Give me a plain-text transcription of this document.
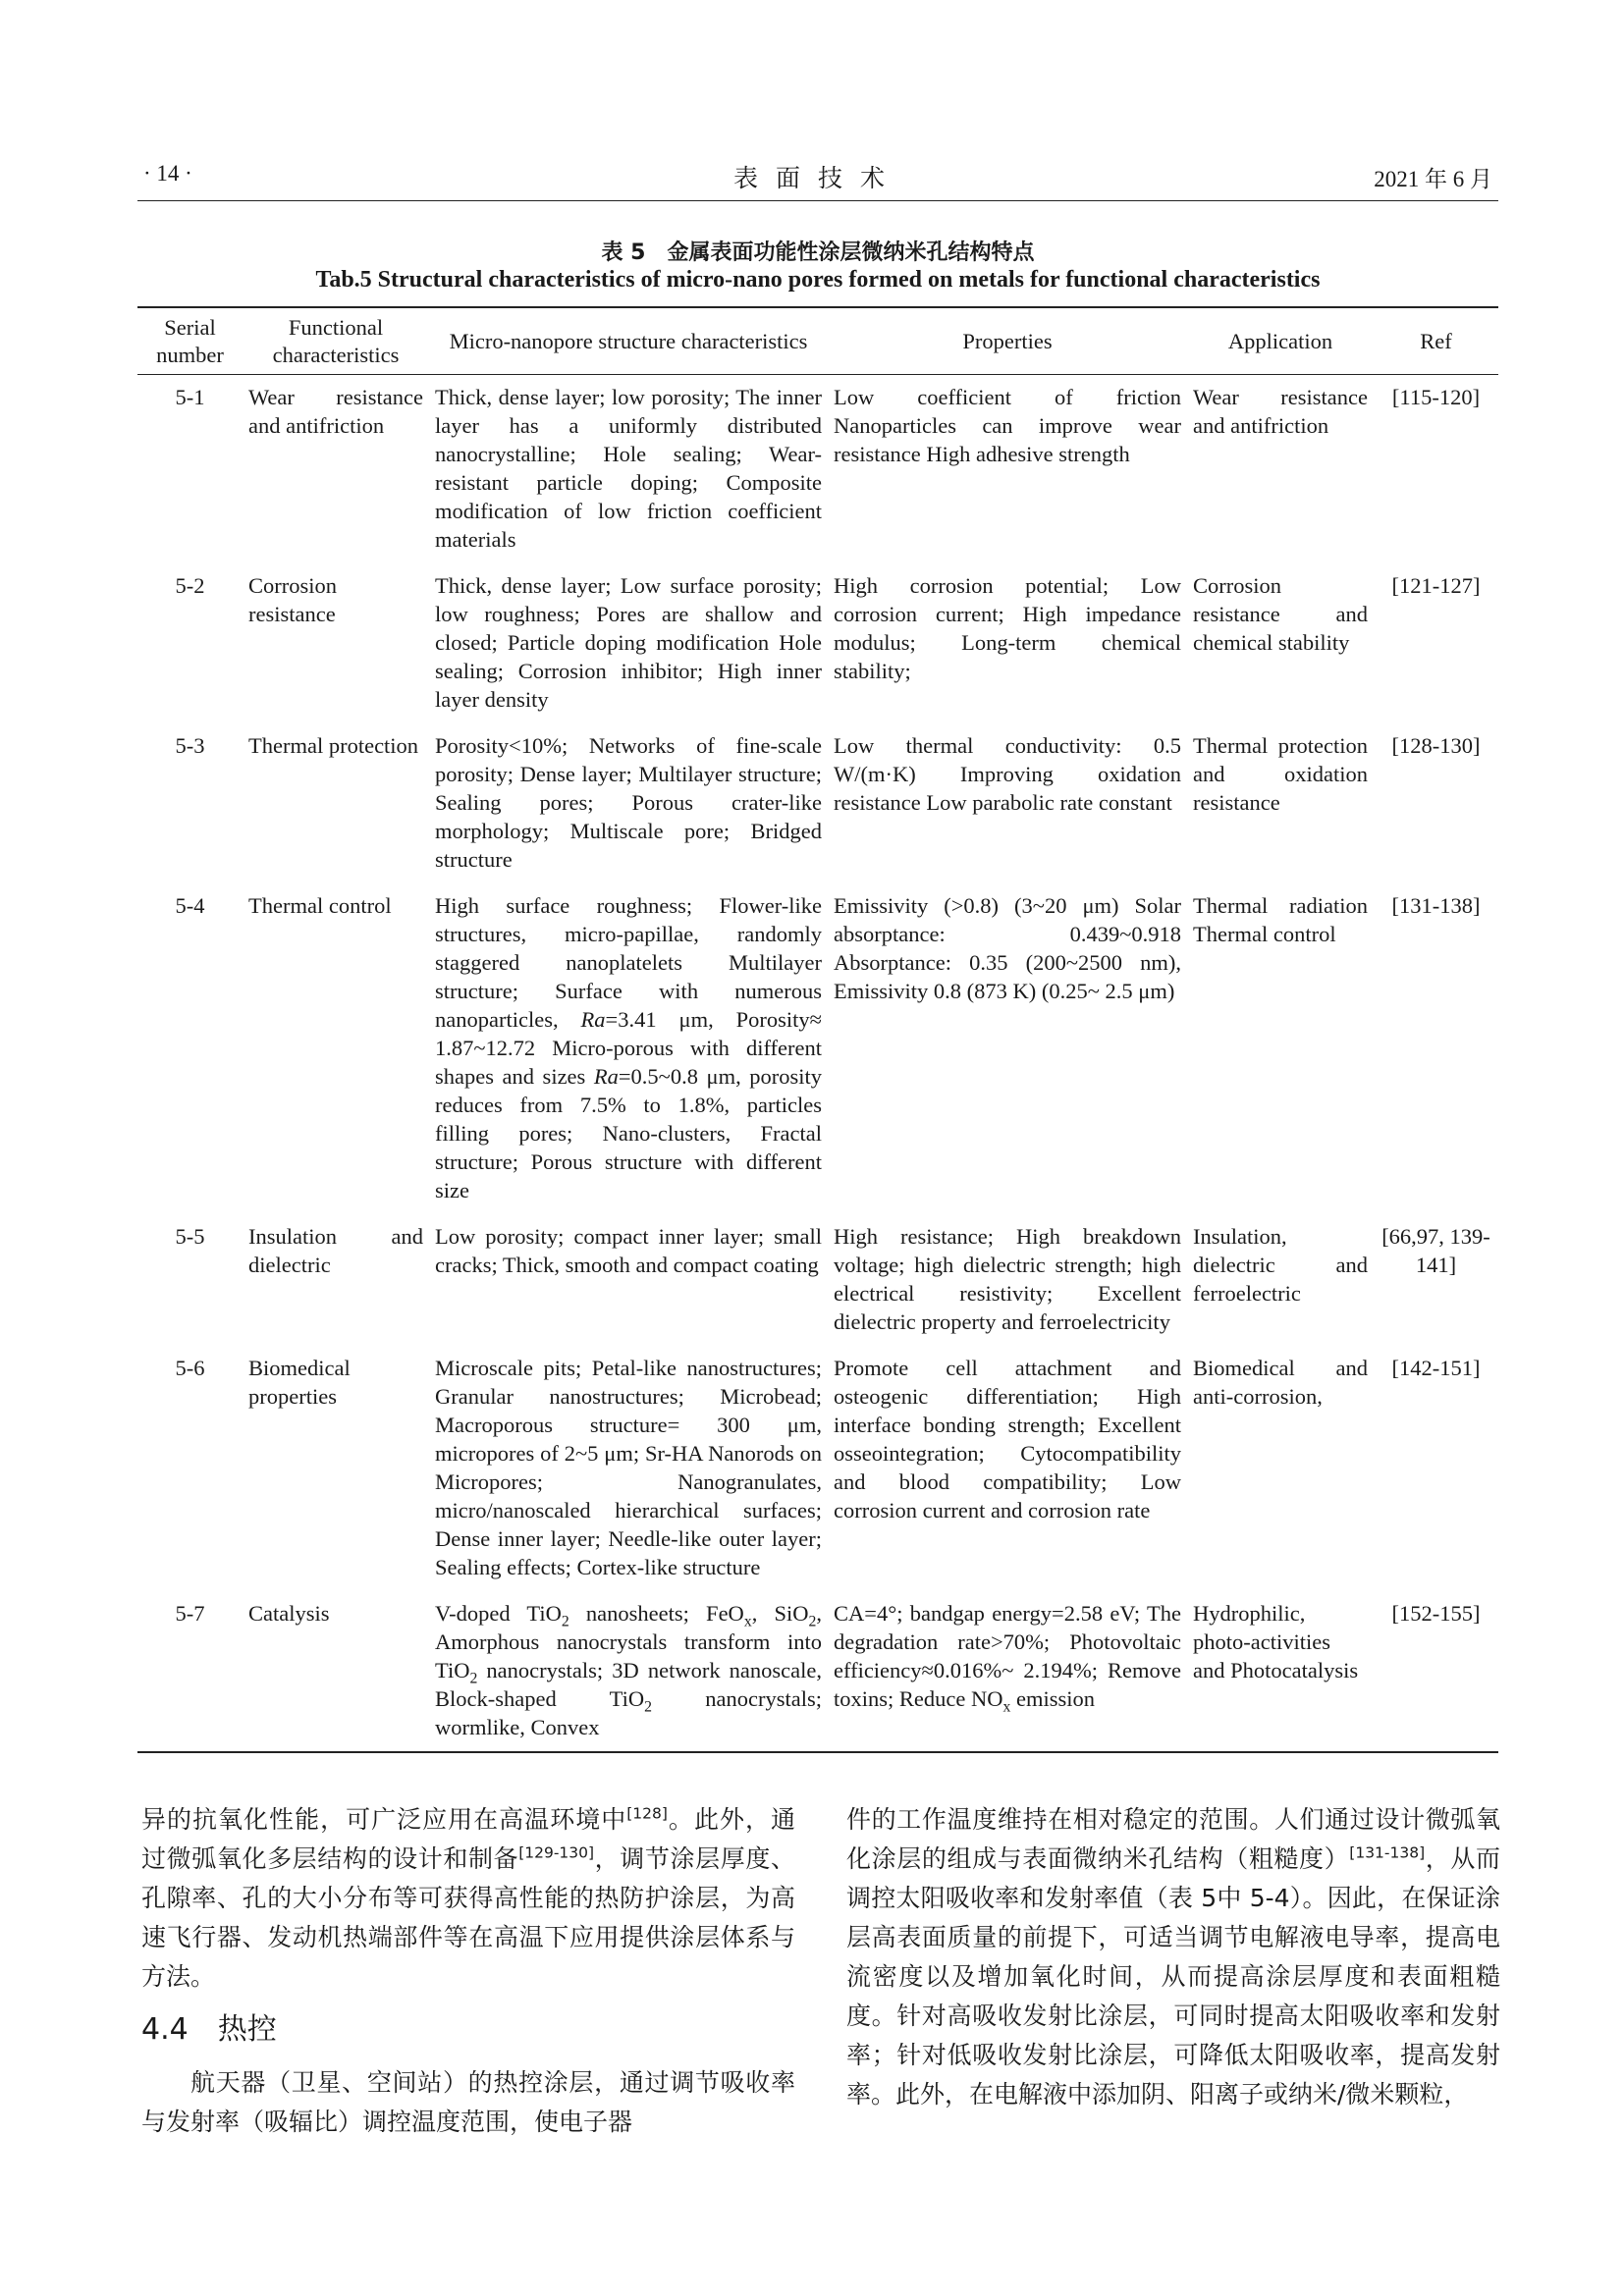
· 14 ·	表面技术	2021 年 6 月
表 5　金属表面功能性涂层微纳米孔结构特点
Tab.5 Structural characteristics of micro-nano pores formed on metals for functional characteristics
Serial number	Functional characteristics	Micro-nanopore structure characteristics	Properties	Application	Ref
5-1	Wear resistance and antifriction	Thick, dense layer; low porosity; The inner layer has a uniformly distributed nanocrystalline; Hole sealing; Wear-resistant particle doping; Composite modification of low friction coefficient materials	Low coefficient of friction Nanoparticles can improve wear resistance High adhesive strength	Wear resistance and antifriction	[115-120]
5-2	Corrosion resistance	Thick, dense layer; Low surface porosity; low roughness; Pores are shallow and closed; Particle doping modification Hole sealing; Corrosion inhibitor; High inner layer density	High corrosion potential; Low corrosion current; High impedance modulus; Long-term chemical stability;	Corrosion resistance and chemical stability	[121-127]
5-3	Thermal protection	Porosity<10%; Networks of fine-scale porosity; Dense layer; Multilayer structure; Sealing pores; Porous crater-like morphology; Multiscale pore; Bridged structure	Low thermal conductivity: 0.5 W/(m·K) Improving oxidation resistance Low parabolic rate constant	Thermal protection and oxidation resistance	[128-130]
5-4	Thermal control	High surface roughness; Flower-like structures, micro-papillae, randomly staggered nanoplatelets Multilayer structure; Surface with numerous nanoparticles, Ra=3.41 μm, Porosity≈ 1.87~12.72 Micro-porous with different shapes and sizes Ra=0.5~0.8 μm, porosity reduces from 7.5% to 1.8%, particles filling pores; Nano-clusters, Fractal structure; Porous structure with different size	Emissivity (>0.8) (3~20 μm) Solar absorptance: 0.439~0.918 Absorptance: 0.35 (200~2500 nm), Emissivity 0.8 (873 K) (0.25~ 2.5 μm)	Thermal radiation Thermal control	[131-138]
5-5	Insulation and dielectric	Low porosity; compact inner layer; small cracks; Thick, smooth and compact coating	High resistance; High breakdown voltage; high dielectric strength; high electrical resistivity; Excellent dielectric property and ferroelectricity	Insulation, dielectric and ferroelectric	[66,97, 139-141]
5-6	Biomedical properties	Microscale pits; Petal-like nanostructures; Granular nanostructures; Microbead; Macroporous structure= 300 μm, micropores of 2~5 μm; Sr-HA Nanorods on Micropores; Nanogranulates, micro/nanoscaled hierarchical surfaces; Dense inner layer; Needle-like outer layer; Sealing effects; Cortex-like structure	Promote cell attachment and osteogenic differentiation; High interface bonding strength; Excellent osseointegration; Cytocompatibility and blood compatibility; Low corrosion current and corrosion rate	Biomedical and anti-corrosion,	[142-151]
5-7	Catalysis	V-doped TiO$_2$ nanosheets; FeO$_x$, SiO$_2$, Amorphous nanocrystals transform into TiO$_2$ nanocrystals; 3D network nanoscale, Block-shaped TiO$_2$ nanocrystals; wormlike, Convex	CA=4°; bandgap energy=2.58 eV; The degradation rate>70%; Photovoltaic efficiency≈0.016%~ 2.194%; Remove toxins; Reduce $NO_x$ emission	Hydrophilic, photo-activities and Photocatalysis	[152-155]

异的抗氧化性能，可广泛应用在高温环境中[128]。此外，通过微弧氧化多层结构的设计和制备[129-130]，调节涂层厚度、孔隙率、孔的大小分布等可获得高性能的热防护涂层，为高速飞行器、发动机热端部件等在高温下应用提供涂层体系与方法。

4.4　热控

航天器（卫星、空间站）的热控涂层，通过调节吸收率与发射率（吸辐比）调控温度范围，使电子器

件的工作温度维持在相对稳定的范围。人们通过设计微弧氧化涂层的组成与表面微纳米孔结构（粗糙度）[131-138]，从而调控太阳吸收率和发射率值（表 5中 5-4）。因此，在保证涂层高表面质量的前提下，可适当调节电解液电导率，提高电流密度以及增加氧化时间，从而提高涂层厚度和表面粗糙度。针对高吸收发射比涂层，可同时提高太阳吸收率和发射率；针对低吸收发射比涂层，可降低太阳吸收率，提高发射率。此外，在电解液中添加阴、阳离子或纳米/微米颗粒，
